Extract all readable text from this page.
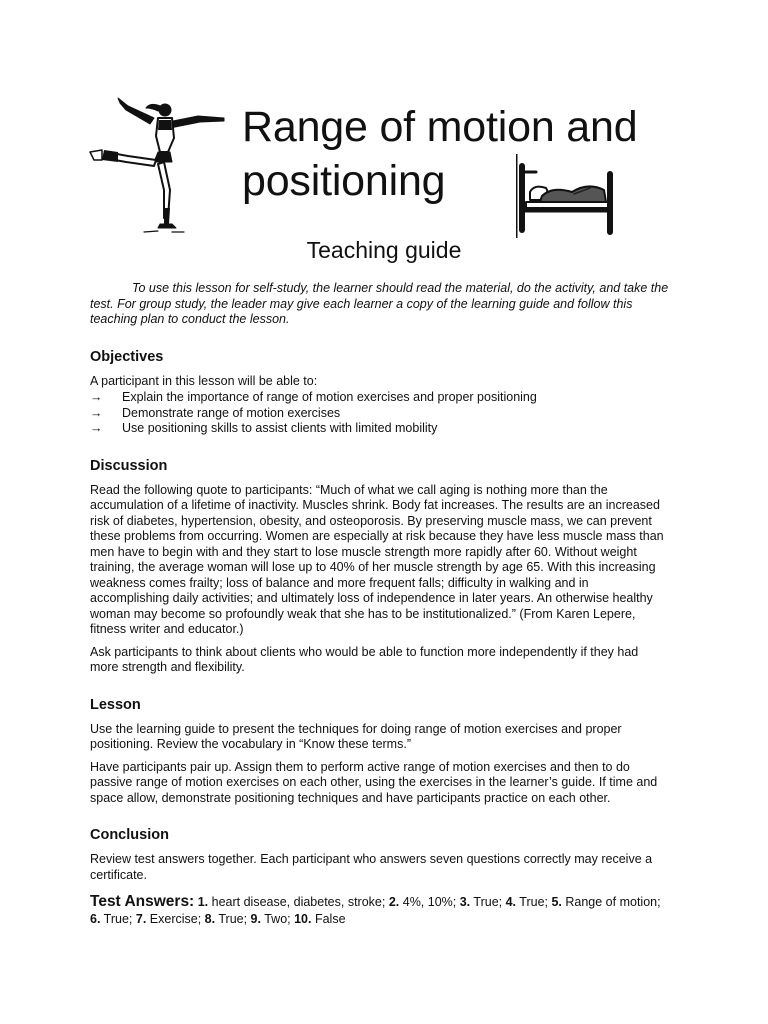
Range of motion and
positioning
Teaching guide

To use this lesson for self-study, the learner should read the material, do the activity, and take the test. For group study, the leader may give each learner a copy of the learning guide and follow this teaching plan to conduct the lesson.

Objectives

A participant in this lesson will be able to:

→	Explain the importance of range of motion exercises and proper positioning
→	Demonstrate range of motion exercises
→	Use positioning skills to assist clients with limited mobility
Discussion

Read the following quote to participants: “Much of what we call aging is nothing more than the accumulation of a lifetime of inactivity. Muscles shrink. Body fat increases. The results are an increased risk of diabetes, hypertension, obesity, and osteoporosis. By preserving muscle mass, we can prevent these problems from occurring. Women are especially at risk because they have less muscle mass than men have to begin with and they start to lose muscle strength more rapidly after 60. Without weight training, the average woman will lose up to 40% of her muscle strength by age 65. With this increasing weakness comes frailty; loss of balance and more frequent falls; difficulty in walking and in accomplishing daily activities; and ultimately loss of independence in later years. An otherwise healthy woman may become so profoundly weak that she has to be institutionalized.” (From Karen Lepere, fitness writer and educator.)

Ask participants to think about clients who would be able to function more independently if they had more strength and flexibility.

Lesson

Use the learning guide to present the techniques for doing range of motion exercises and proper positioning. Review the vocabulary in “Know these terms.”

Have participants pair up. Assign them to perform active range of motion exercises and then to do passive range of motion exercises on each other, using the exercises in the learner’s guide. If time and space allow, demonstrate positioning techniques and have participants practice on each other.

Conclusion

Review test answers together. Each participant who answers seven questions correctly may receive a certificate.

Test Answers: 1. heart disease, diabetes, stroke; 2. 4%, 10%; 3. True; 4. True; 5. Range of motion; 6. True; 7. Exercise; 8. True; 9. Two; 10. False
